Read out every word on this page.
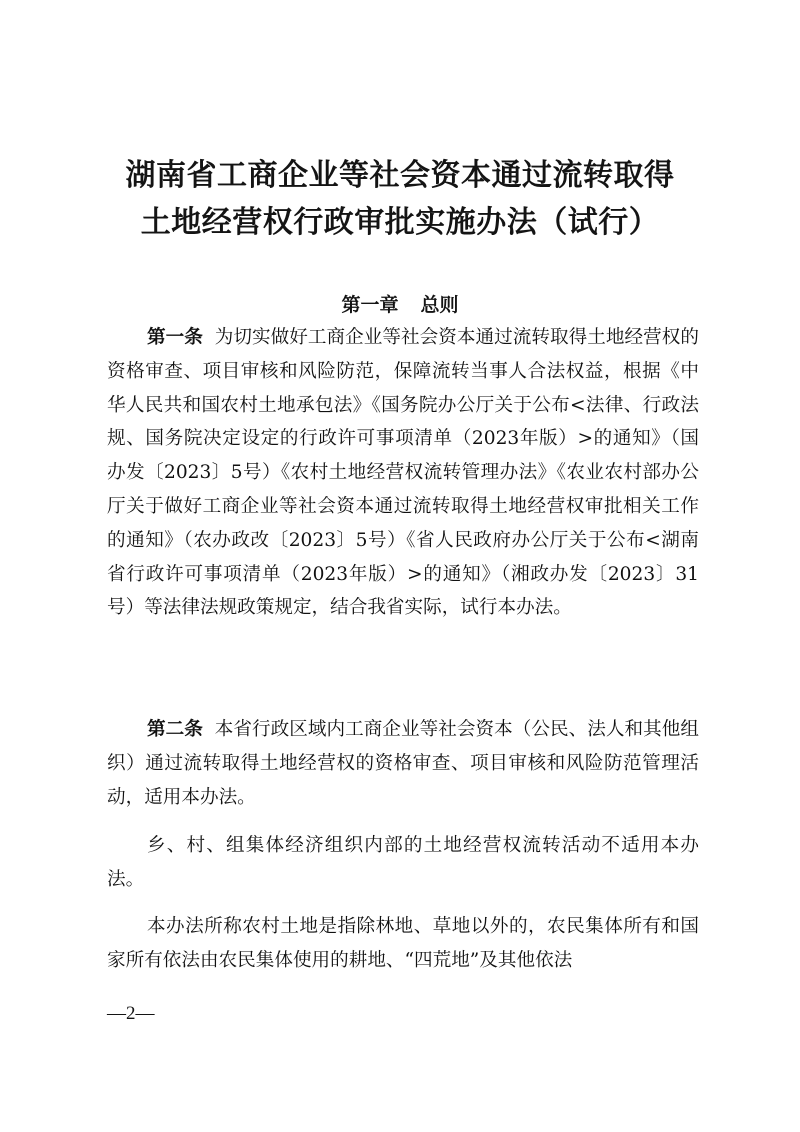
湖南省工商企业等社会资本通过流转取得
土地经营权行政审批实施办法（试行）
第一章 总则

第一条 为切实做好工商企业等社会资本通过流转取得土地经营权的资格审查、项目审核和风险防范，保障流转当事人合法权益，根据《中华人民共和国农村土地承包法》《国务院办公厅关于公布<法律、行政法规、国务院决定设定的行政许可事项清单（2023年版）>的通知》（国办发〔2023〕5号）《农村土地经营权流转管理办法》《农业农村部办公厅关于做好工商企业等社会资本通过流转取得土地经营权审批相关工作的通知》（农办政改〔2023〕5号）《省人民政府办公厅关于公布<湖南省行政许可事项清单（2023年版）>的通知》（湘政办发〔2023〕31号）等法律法规政策规定，结合我省实际，试行本办法。

第二条 本省行政区域内工商企业等社会资本（公民、法人和其他组织）通过流转取得土地经营权的资格审查、项目审核和风险防范管理活动，适用本办法。

乡、村、组集体经济组织内部的土地经营权流转活动不适用本办法。

本办法所称农村土地是指除林地、草地以外的，农民集体所有和国家所有依法由农民集体使用的耕地、“四荒地”及其他依法

—2—
